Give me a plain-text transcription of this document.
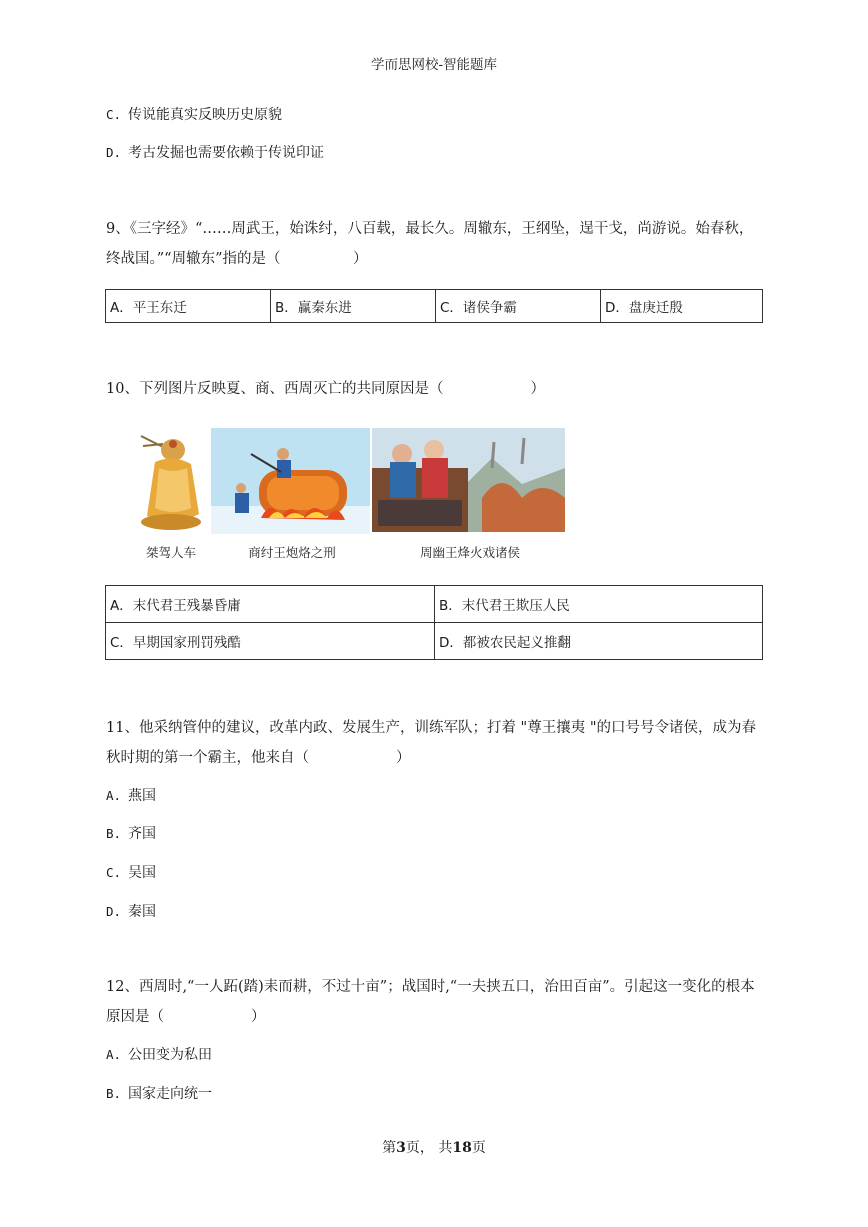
学而思网校-智能题库
C. 传说能真实反映历史原貌
D. 考古发掘也需要依赖于传说印证
9、《三字经》“……周武王，始诛纣，八百载，最长久。周辙东，王纲坠，逞干戈，尚游说。始春秋，终战国。”“周辙东”指的是（　　　　　）
A．平王东迁	B．赢秦东进	C．诸侯争霸	D．盘庚迁殷
10、下列图片反映夏、商、西周灭亡的共同原因是（　　　　　　）
桀驾人车	商纣王炮烙之刑	周幽王烽火戏诸侯
A．末代君王残暴昏庸	B．末代君王欺压人民
C．早期国家刑罚残酷	D．都被农民起义推翻
11、他采纳管仲的建议，改革内政、发展生产，训练军队；打着 "尊王攘夷 "的口号号令诸侯，成为春秋时期的第一个霸主，他来自（　　　　　　）
A. 燕国
B. 齐国
C. 吴国
D. 秦国
12、西周时,“一人跖(踏)耒而耕，不过十亩”；战国时,“一夫挟五口，治田百亩”。引起这一变化的根本原因是（　　　　　　）
A. 公田变为私田
B. 国家走向统一
第3页， 共18页
